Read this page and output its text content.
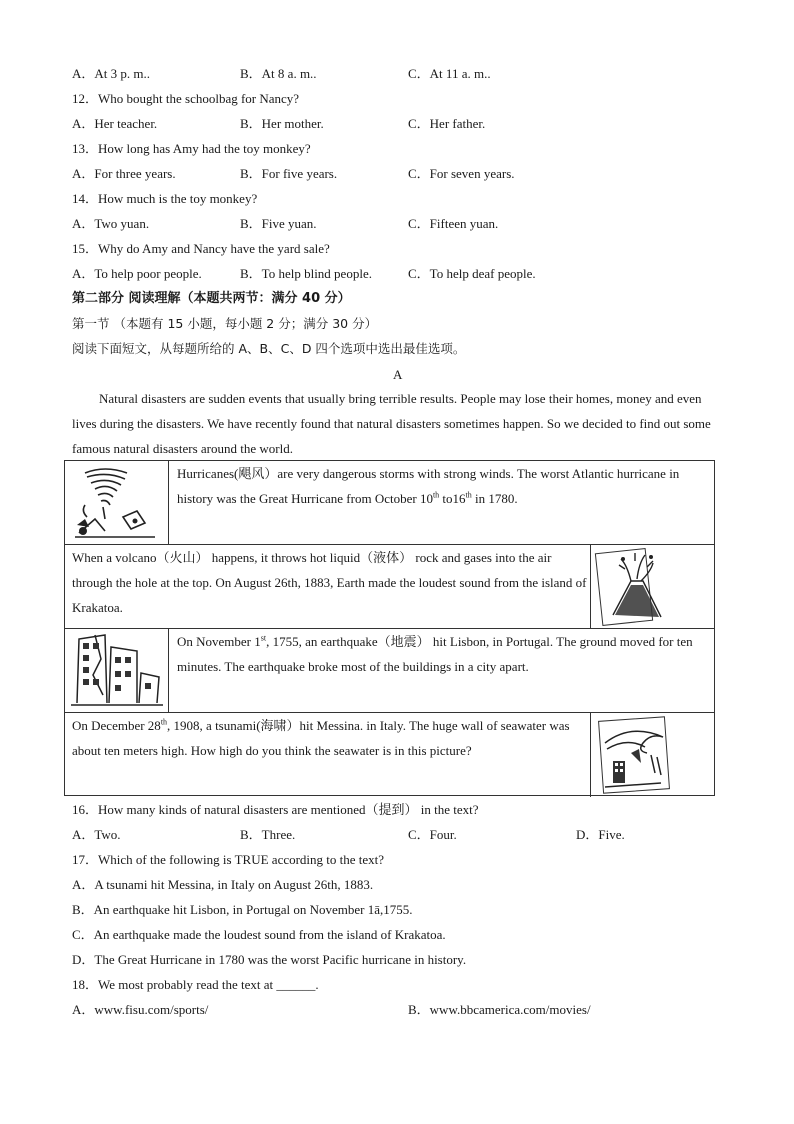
A．At 3 p. m..	B．At 8 a. m..	C．At 11 a. m..
12．Who bought the schoolbag for Nancy?
A．Her teacher.	B．Her mother.	C．Her father.
13．How long has Amy had the toy monkey?
A．For three years.	B．For five years.	C．For seven years.
14．How much is the toy monkey?
A．Two yuan.	B．Five yuan.	C．Fifteen yuan.
15．Why do Amy and Nancy have the yard sale?
A．To help poor people.	B．To help blind people.	C．To help deaf people.
第二部分 阅读理解（本题共两节：满分 40 分）
第一节 （本题有 15 小题，每小题 2 分；满分 30 分）
阅读下面短文，从每题所给的 A、B、C、D 四个选项中选出最佳选项。
A
Natural disasters are sudden events that usually bring terrible results. People may lose their homes, money and even lives during the disasters. We have recently found that natural disasters sometimes happen. So we decided to find out some famous natural disasters around the world.
Hurricanes(飓风）are very dangerous storms with strong winds. The worst Atlantic hurricane in history was the Great Hurricane from October 10th to16th in 1780.
When a volcano（火山） happens, it throws hot liquid（液体） rock and gases into the air through the hole at the top. On August 26th, 1883, Earth made the loudest sound from the island of Krakatoa.
On November 1st, 1755, an earthquake（地震） hit Lisbon, in Portugal. The ground moved for ten minutes. The earthquake broke most of the buildings in a city apart.
On December 28th, 1908, a tsunami(海啸）hit Messina. in Italy. The huge wall of seawater was about ten meters high. How high do you think the seawater is in this picture?
16．How many kinds of natural disasters are mentioned（提到） in the text?
A．Two.	B．Three.	C．Four.	D．Five.
17．Which of the following is TRUE according to the text?
A．A tsunami hit Messina, in Italy on August 26th, 1883.
B．An earthquake hit Lisbon, in Portugal on November 1ā,1755.
C．An earthquake made the loudest sound from the island of Krakatoa.
D．The Great Hurricane in 1780 was the worst Pacific hurricane in history.
18．We most probably read the text at ______.
A．www.fisu.com/sports/	B．www.bbcamerica.com/movies/
